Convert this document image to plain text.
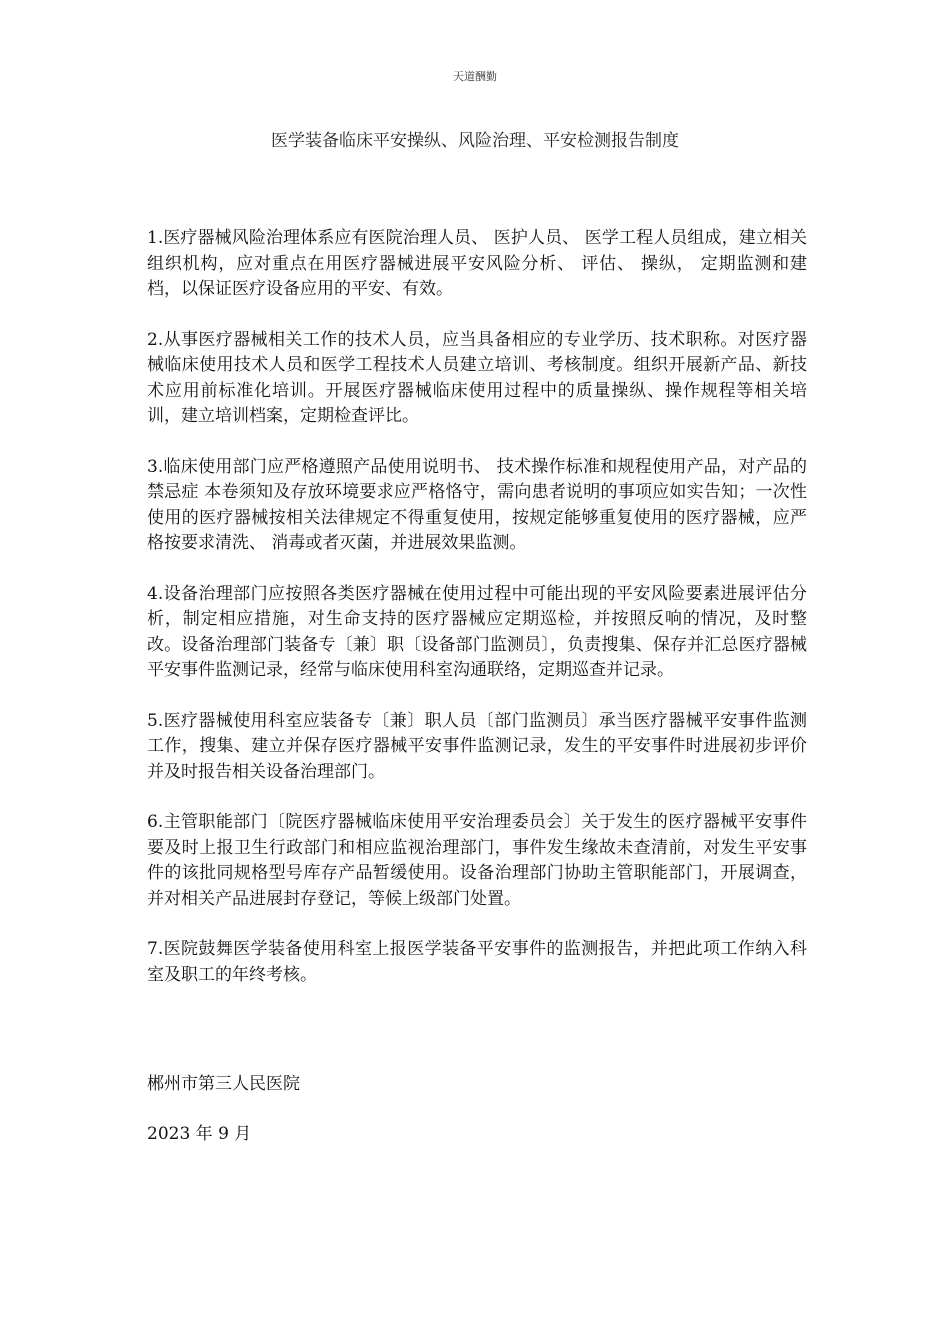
天道酬勤
医学装备临床平安操纵、风险治理、平安检测报告制度

1.医疗器械风险治理体系应有医院治理人员、 医护人员、 医学工程人员组成，建立相关组织机构，应对重点在用医疗器械进展平安风险分析、 评估、 操纵， 定期监测和建档，以保证医疗设备应用的平安、有效。

2.从事医疗器械相关工作的技术人员，应当具备相应的专业学历、技术职称。对医疗器械临床使用技术人员和医学工程技术人员建立培训、考核制度。组织开展新产品、新技术应用前标准化培训。开展医疗器械临床使用过程中的质量操纵、操作规程等相关培训，建立培训档案，定期检查评比。

3.临床使用部门应严格遵照产品使用说明书、 技术操作标准和规程使用产品，对产品的禁忌症 本卷须知及存放环境要求应严格恪守，需向患者说明的事项应如实告知；一次性使用的医疗器械按相关法律规定不得重复使用，按规定能够重复使用的医疗器械，应严格按要求清洗、 消毒或者灭菌，并进展效果监测。

4.设备治理部门应按照各类医疗器械在使用过程中可能出现的平安风险要素进展评估分析，制定相应措施，对生命支持的医疗器械应定期巡检，并按照反响的情况，及时整改。设备治理部门装备专〔兼〕职〔设备部门监测员〕，负责搜集、保存并汇总医疗器械平安事件监测记录，经常与临床使用科室沟通联络，定期巡查并记录。

5.医疗器械使用科室应装备专〔兼〕职人员〔部门监测员〕承当医疗器械平安事件监测工作，搜集、建立并保存医疗器械平安事件监测记录，发生的平安事件时进展初步评价并及时报告相关设备治理部门。

6.主管职能部门〔院医疗器械临床使用平安治理委员会〕关于发生的医疗器械平安事件要及时上报卫生行政部门和相应监视治理部门，事件发生缘故未查清前，对发生平安事件的该批同规格型号库存产品暂缓使用。设备治理部门协助主管职能部门，开展调查，并对相关产品进展封存登记，等候上级部门处置。

7.医院鼓舞医学装备使用科室上报医学装备平安事件的监测报告，并把此项工作纳入科室及职工的年终考核。

郴州市第三人民医院
2023 年 9 月
